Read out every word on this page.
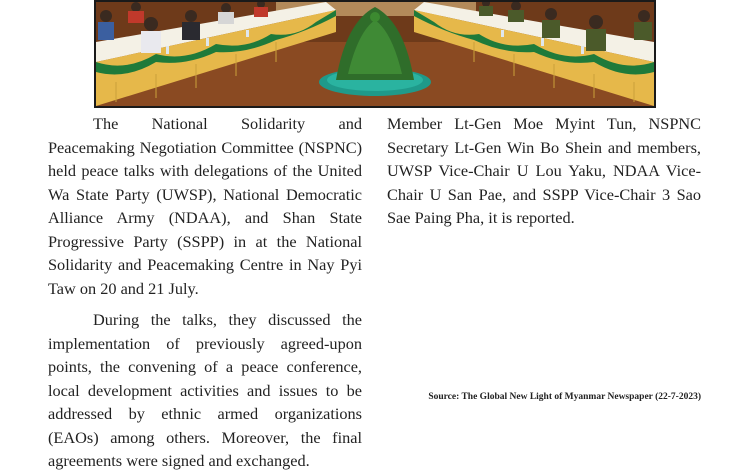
The National Solidarity and Peacemaking Negotiation Committee (NSPNC) held peace talks with delegations of the United Wa State Party (UWSP), National Democratic Alliance Army (NDAA), and Shan State Progressive Party (SSPP) in at the National Solidarity and Peacemaking Centre in Nay Pyi Taw on 20 and 21 July.

During the talks, they discussed the implementation of previously agreed-upon points, the convening of a peace conference, local development activities and issues to be addressed by ethnic armed organizations (EAOs) among others. Moreover, the final agreements were signed and exchanged.

Member Lt-Gen Moe Myint Tun, NSPNC Secretary Lt-Gen Win Bo Shein and members, UWSP Vice-Chair U Lou Yaku, NDAA Vice-Chair U San Pae, and SSPP Vice-Chair 3 Sao Sae Paing Pha, it is reported.

Source: The Global New Light of Myanmar Newspaper (22-7-2023)
